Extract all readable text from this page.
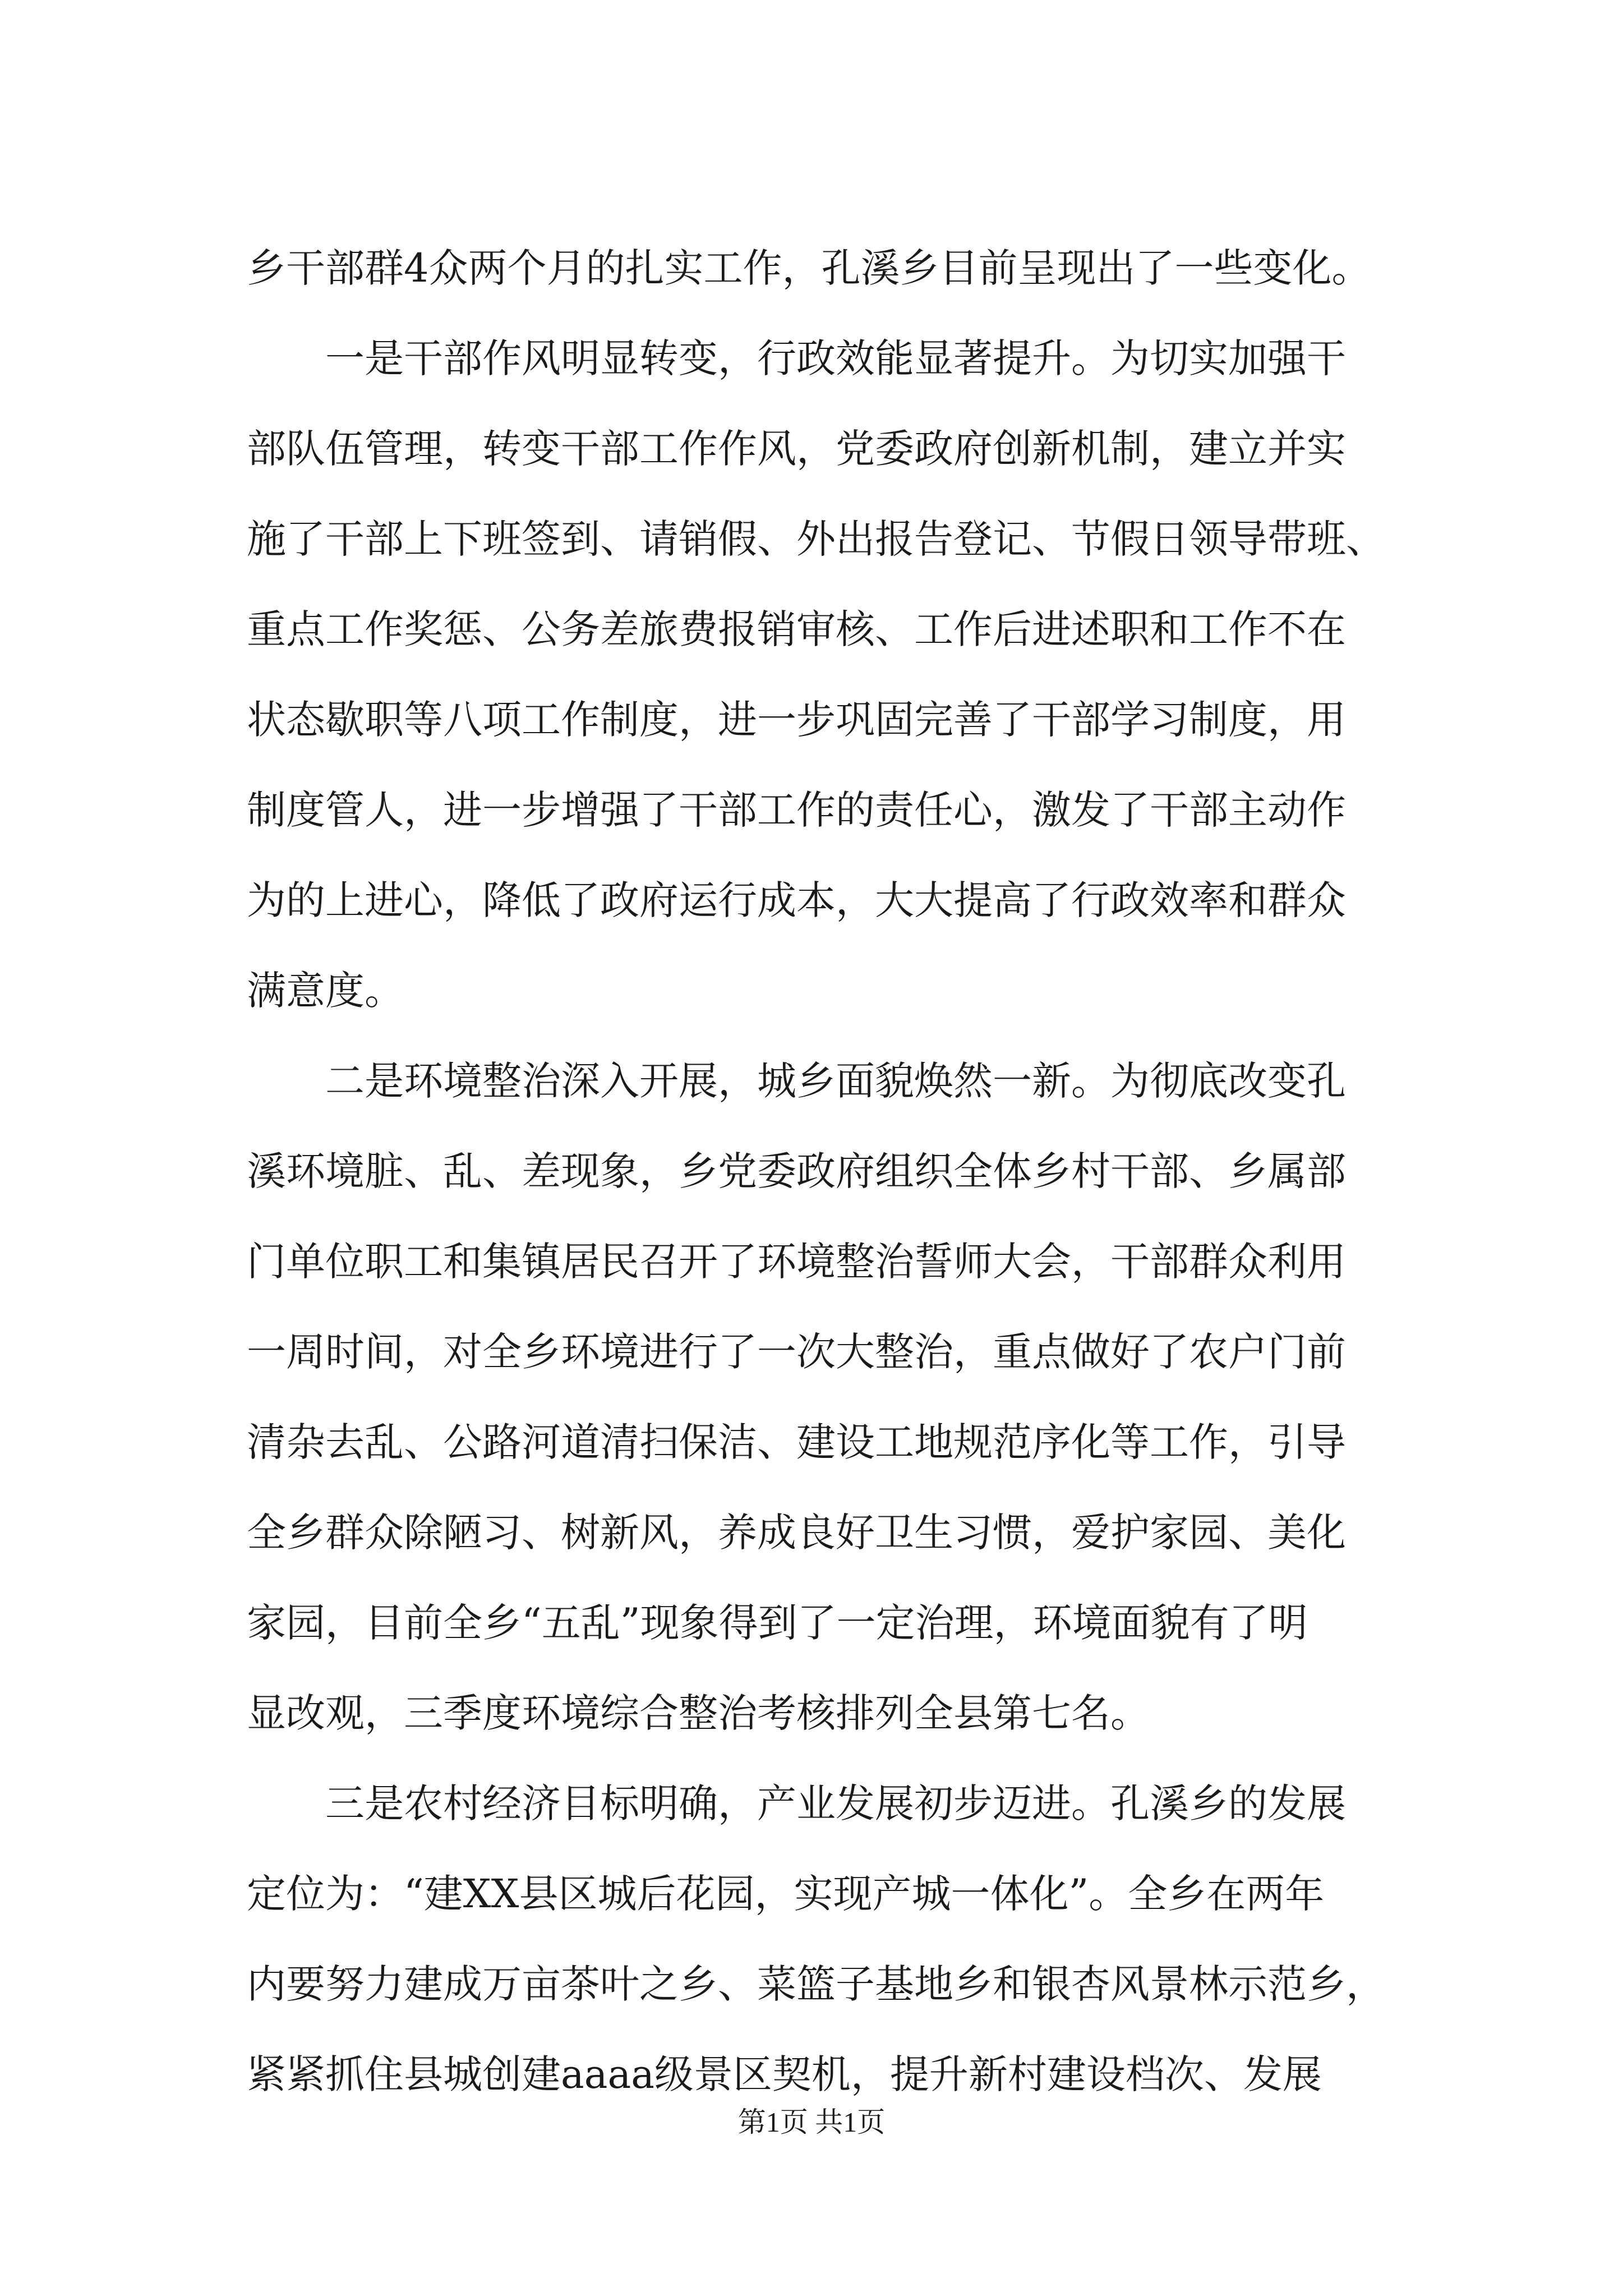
乡干部群4众两个月的扎实工作，孔溪乡目前呈现出了一些变化。
一是干部作风明显转变，行政效能显著提升。为切实加强干
部队伍管理，转变干部工作作风，党委政府创新机制，建立并实
施了干部上下班签到、请销假、外出报告登记、节假日领导带班、
重点工作奖惩、公务差旅费报销审核、工作后进述职和工作不在
状态歇职等八项工作制度，进一步巩固完善了干部学习制度，用
制度管人，进一步增强了干部工作的责任心，激发了干部主动作
为的上进心，降低了政府运行成本，大大提高了行政效率和群众
满意度。
二是环境整治深入开展，城乡面貌焕然一新。为彻底改变孔
溪环境脏、乱、差现象，乡党委政府组织全体乡村干部、乡属部
门单位职工和集镇居民召开了环境整治誓师大会，干部群众利用
一周时间，对全乡环境进行了一次大整治，重点做好了农户门前
清杂去乱、公路河道清扫保洁、建设工地规范序化等工作，引导
全乡群众除陋习、树新风，养成良好卫生习惯，爱护家园、美化
家园，目前全乡“五乱”现象得到了一定治理，环境面貌有了明
显改观，三季度环境综合整治考核排列全县第七名。
三是农村经济目标明确，产业发展初步迈进。孔溪乡的发展
定位为：“建XX县区城后花园，实现产城一体化”。全乡在两年
内要努力建成万亩茶叶之乡、菜篮子基地乡和银杏风景林示范乡，
紧紧抓住县城创建aaaa级景区契机，提升新村建设档次、发展
第1页 共1页
